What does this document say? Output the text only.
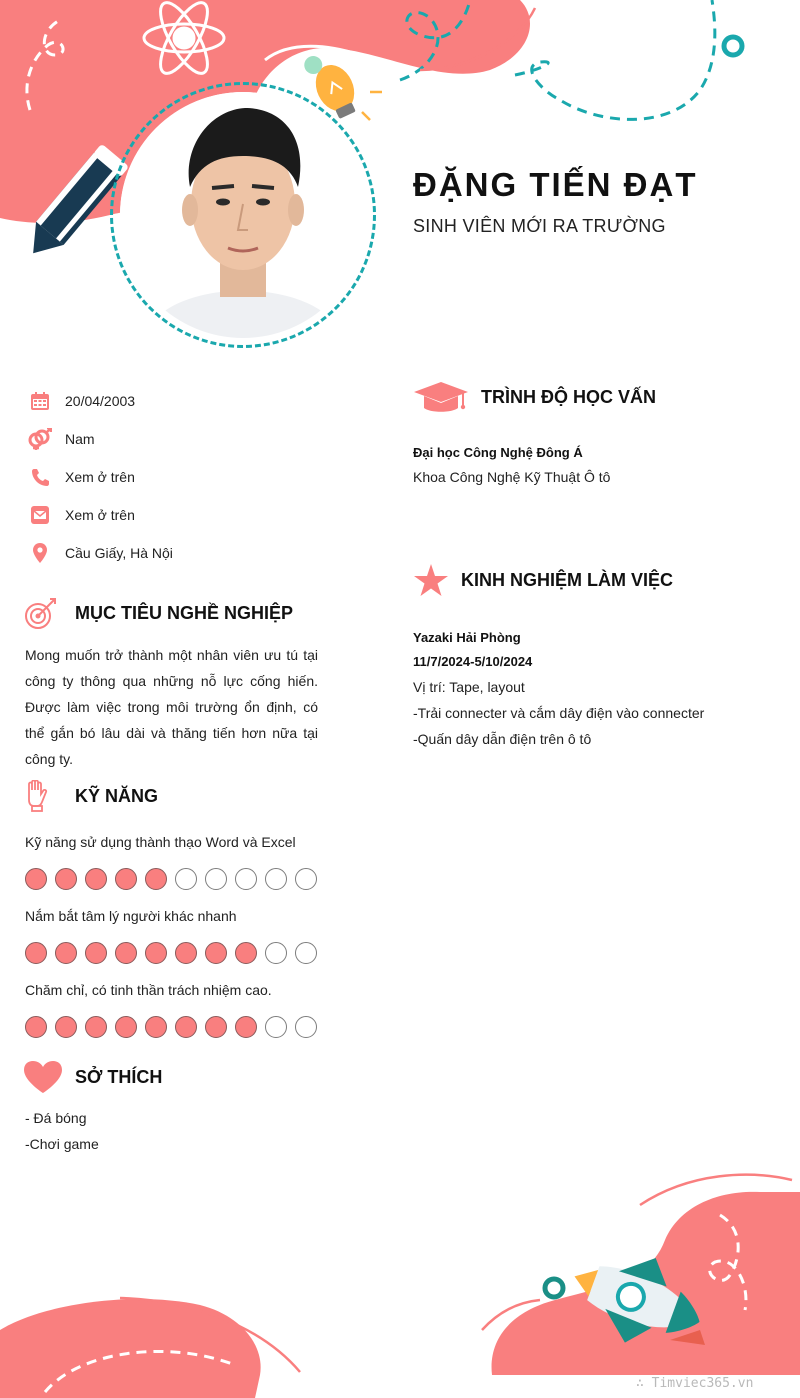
ĐẶNG TIẾN ĐẠT
SINH VIÊN MỚI RA TRƯỜNG
20/04/2003
Nam
Xem ở trên
Xem ở trên
Cầu Giấy, Hà Nội
MỤC TIÊU NGHỀ NGHIỆP
Mong muốn trở thành một nhân viên ưu tú tại công ty thông qua những nỗ lực cống hiến. Được làm việc trong môi trường ổn định, có thể gắn bó lâu dài và thăng tiến hơn nữa tại công ty.
KỸ NĂNG
Kỹ năng sử dụng thành thạo Word và Excel
Nắm bắt tâm lý người khác nhanh
Chăm chỉ, có tinh thần trách nhiệm cao.
SỞ THÍCH
- Đá bóng
-Chơi game
TRÌNH ĐỘ HỌC VẤN
Đại học Công Nghệ Đông Á
Khoa Công Nghệ Kỹ Thuật Ô tô
KINH NGHIỆM LÀM VIỆC
Yazaki Hải Phòng
11/7/2024-5/10/2024
Vị trí: Tape, layout
-Trải connecter và cắm dây điện vào connecter
-Quấn dây dẫn điện trên ô tô
∴ Timviec365.vn
